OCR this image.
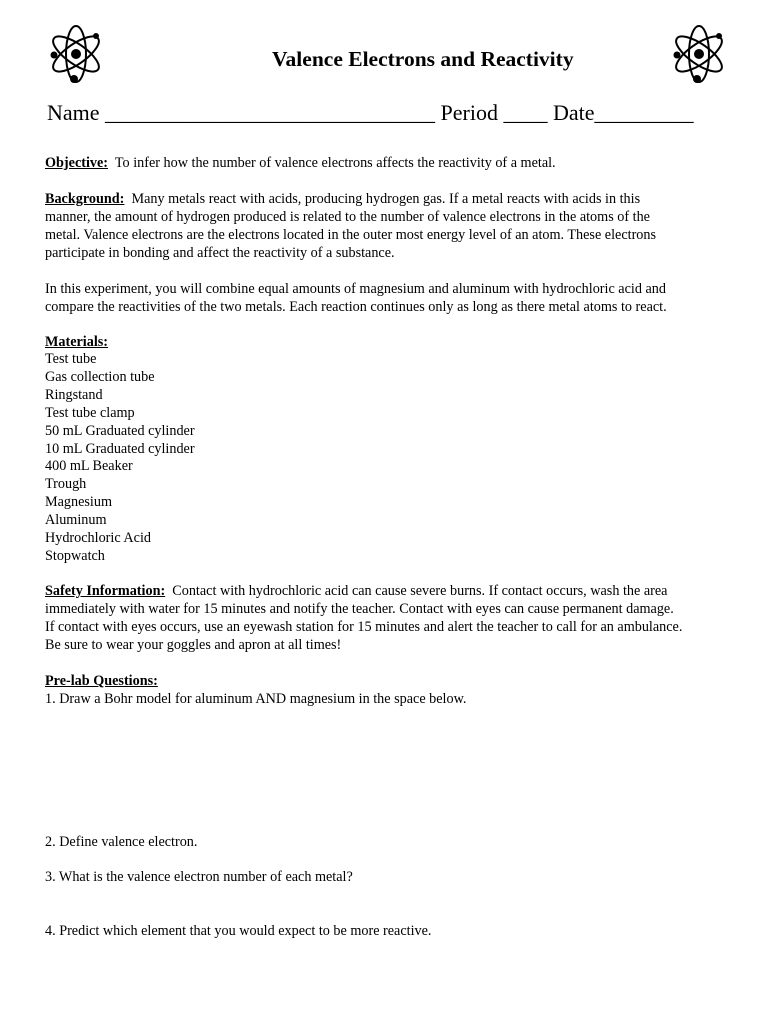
Valence Electrons and Reactivity
Name ______________________________ Period ____ Date_________
Objective: To infer how the number of valence electrons affects the reactivity of a metal.
Background: Many metals react with acids, producing hydrogen gas. If a metal reacts with acids in this
manner, the amount of hydrogen produced is related to the number of valence electrons in the atoms of the
metal. Valence electrons are the electrons located in the outer most energy level of an atom. These electrons
participate in bonding and affect the reactivity of a substance.
In this experiment, you will combine equal amounts of magnesium and aluminum with hydrochloric acid and
compare the reactivities of the two metals. Each reaction continues only as long as there metal atoms to react.
Materials:
Test tube
Gas collection tube
Ringstand
Test tube clamp
50 mL Graduated cylinder
10 mL Graduated cylinder
400 mL Beaker
Trough
Magnesium
Aluminum
Hydrochloric Acid
Stopwatch
Safety Information: Contact with hydrochloric acid can cause severe burns. If contact occurs, wash the area
immediately with water for 15 minutes and notify the teacher. Contact with eyes can cause permanent damage.
If contact with eyes occurs, use an eyewash station for 15 minutes and alert the teacher to call for an ambulance.
Be sure to wear your goggles and apron at all times!
Pre-lab Questions:
1. Draw a Bohr model for aluminum AND magnesium in the space below.
2. Define valence electron.
3. What is the valence electron number of each metal?
4. Predict which element that you would expect to be more reactive.
